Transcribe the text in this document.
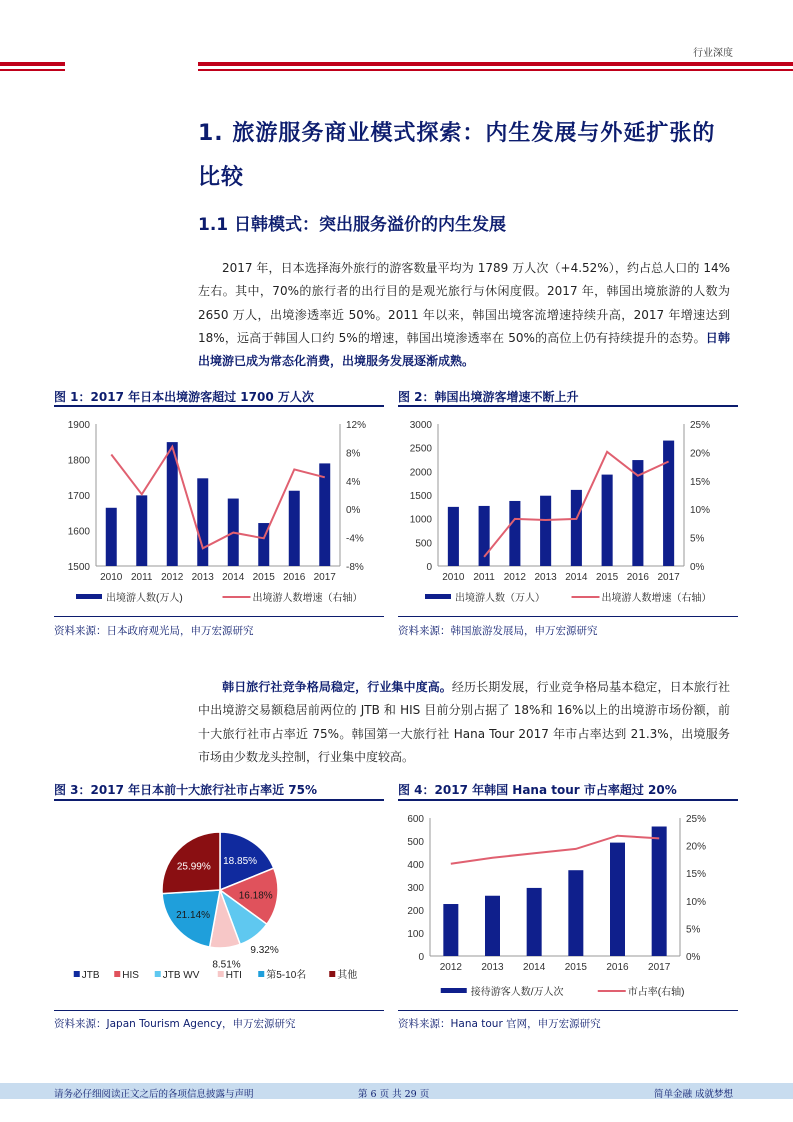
行业深度
1. 旅游服务商业模式探索：内生发展与外延扩张的比较
1.1 日韩模式：突出服务溢价的内生发展
2017 年，日本选择海外旅行的游客数量平均为 1789 万人次（+4.52%），约占总人口的 14%左右。其中，70%的旅行者的出行目的是观光旅行与休闲度假。2017 年，韩国出境旅游的人数为 2650 万人，出境渗透率近 50%。2011 年以来，韩国出境客流增速持续升高，2017 年增速达到 18%，远高于韩国人口约 5%的增速，韩国出境渗透率在 50%的高位上仍有持续提升的态势。日韩出境游已成为常态化消费，出境服务发展逐渐成熟。
图 1：2017 年日本出境游客超过 1700 万人次	图 2：韩国出境游客增速不断上升
1500
1600
1700
1800
1900
-8%
-4%
0%
4%
8%
12%
2010 2011 2012 2013 2014 2015 2016 2017
出境游人数(万人)	出境游人数增速（右轴）
0
500
1000
1500
2000
2500
3000
0%
5%
10%
15%
20%
25%
2010 2011 2012 2013 2014 2015 2016 2017
出境游人数（万人）	出境游人数增速（右轴）
资料来源：日本政府观光局，申万宏源研究	资料来源：韩国旅游发展局，申万宏源研究
韩日旅行社竞争格局稳定，行业集中度高。经历长期发展，行业竞争格局基本稳定，日本旅行社中出境游交易额稳居前两位的 JTB 和 HIS 目前分别占据了 18%和 16%以上的出境游市场份额，前十大旅行社市占率近 75%。韩国第一大旅行社 Hana Tour 2017 年市占率达到 21.3%，出境服务市场由少数龙头控制，行业集中度较高。
图 3：2017 年日本前十大旅行社市占率近 75%	图 4：2017 年韩国 Hana tour 市占率超过 20%
18.85%
16.18%
9.32%
8.51%
21.14%
25.99%
JTB HIS JTB WV	HTI 第5-10名	其他
0
100
200
300
400
500
600
0%
5%
10%
15%
20%
25%
2012 2013 2014 2015 2016 2017
接待游客人数/万人次	市占率(右轴)
资料来源：Japan Tourism Agency，申万宏源研究	资料来源：Hana tour 官网，申万宏源研究
请务必仔细阅读正文之后的各项信息披露与声明	第 6 页 共 29 页	简单金融 成就梦想
